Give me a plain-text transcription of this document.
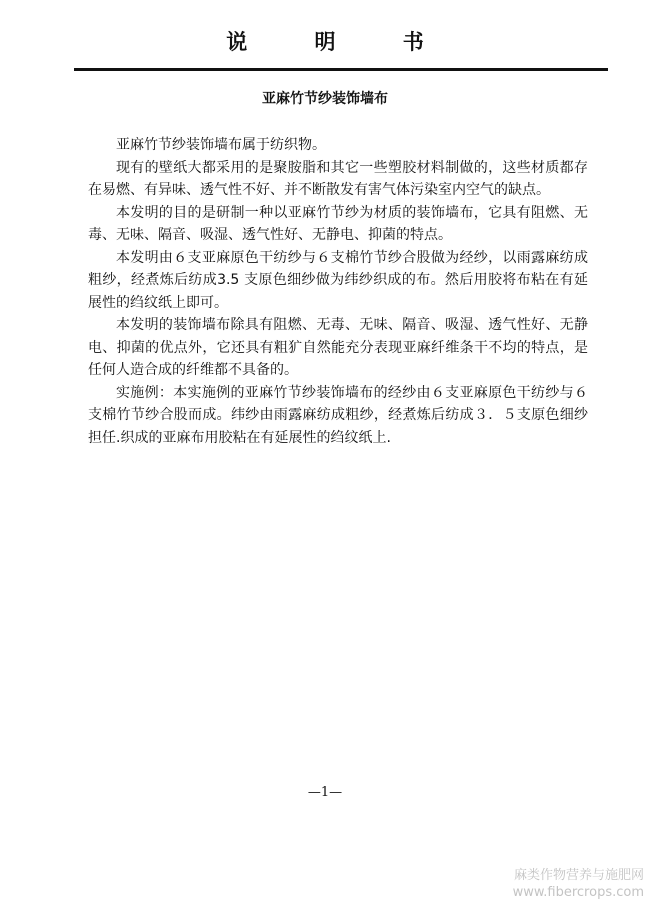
说 明 书
亚麻竹节纱装饰墙布

亚麻竹节纱装饰墙布属于纺织物。

现有的壁纸大都采用的是聚胺脂和其它一些塑胶材料制做的，这些材质都存在易燃、有异味、透气性不好、并不断散发有害气体污染室内空气的缺点。

本发明的目的是研制一种以亚麻竹节纱为材质的装饰墙布，它具有阻燃、无毒、无味、隔音、吸湿、透气性好、无静电、抑菌的特点。

本发明由６支亚麻原色干纺纱与６支棉竹节纱合股做为经纱，以雨露麻纺成粗纱，经煮炼后纺成3.5 支原色细纱做为纬纱织成的布。然后用胶将布粘在有延展性的绉纹纸上即可。

本发明的装饰墙布除具有阻燃、无毒、无味、隔音、吸湿、透气性好、无静电、抑菌的优点外，它还具有粗犷自然能充分表现亚麻纤维条干不均的特点，是任何人造合成的纤维都不具备的。

实施例：本实施例的亚麻竹节纱装饰墙布的经纱由６支亚麻原色干纺纱与６支棉竹节纱合股而成。纬纱由雨露麻纺成粗纱，经煮炼后纺成３．５支原色细纱担任.织成的亚麻布用胶粘在有延展性的绉纹纸上.

—1—
麻类作物营养与施肥网
www.fibercrops.com
